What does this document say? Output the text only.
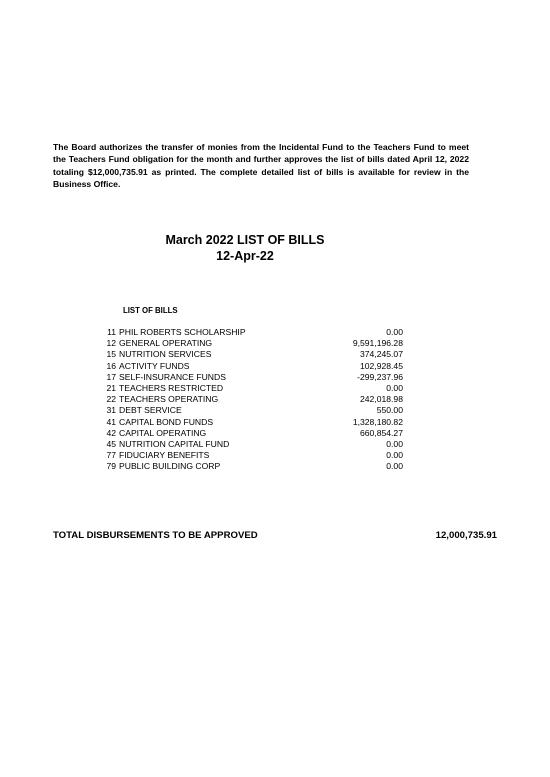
The Board authorizes the transfer of monies from the Incidental Fund to the Teachers Fund to meet the Teachers Fund obligation for the month and further approves the list of bills dated April 12, 2022 totaling $12,000,735.91 as printed. The complete detailed list of bills is available for review in the Business Office.
March 2022 LIST OF BILLS
12-Apr-22
LIST OF BILLS
11 PHIL ROBERTS SCHOLARSHIP	0.00
12 GENERAL OPERATING	9,591,196.28
15 NUTRITION SERVICES	374,245.07
16 ACTIVITY FUNDS	102,928.45
17 SELF-INSURANCE FUNDS	-299,237.96
21 TEACHERS RESTRICTED	0.00
22 TEACHERS OPERATING	242,018.98
31 DEBT SERVICE	550.00
41 CAPITAL BOND FUNDS	1,328,180.82
42 CAPITAL OPERATING	660,854.27
45 NUTRITION CAPITAL FUND	0.00
77 FIDUCIARY BENEFITS	0.00
79 PUBLIC BUILDING CORP	0.00
TOTAL DISBURSEMENTS TO BE APPROVED	12,000,735.91
